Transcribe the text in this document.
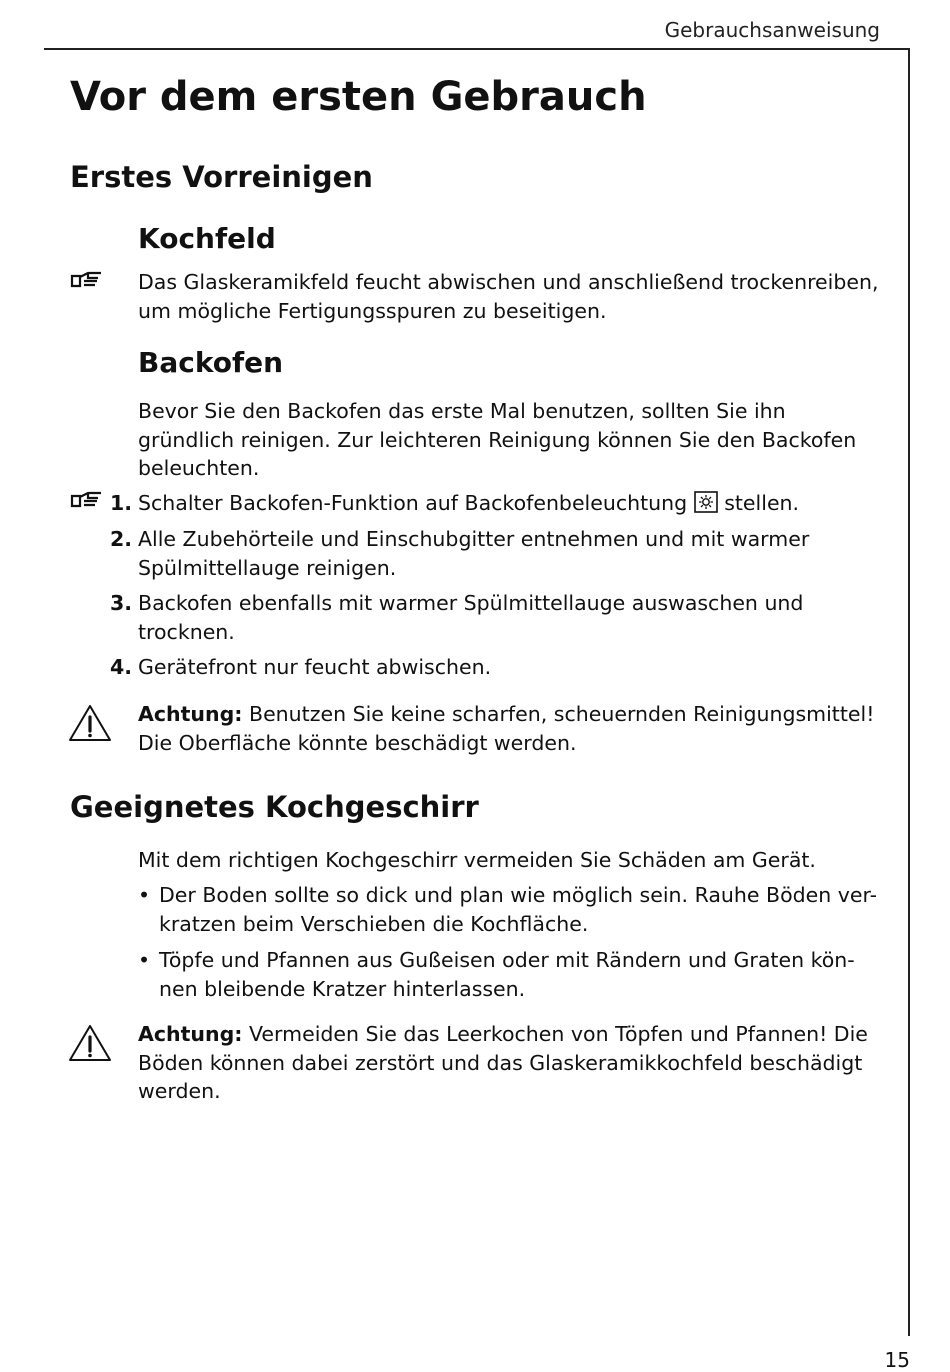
Gebrauchsanweisung
15
Vor dem ersten Gebrauch
Erstes Vorreinigen
Kochfeld
Das Glaskeramikfeld feucht abwischen und anschließend trockenreiben,
um mögliche Fertigungsspuren zu beseitigen.
Backofen
Bevor Sie den Backofen das erste Mal benutzen, sollten Sie ihn
gründlich reinigen. Zur leichteren Reinigung können Sie den Backofen
beleuchten.
1. Schalter Backofen-Funktion auf Backofenbeleuchtung stellen.
2. Alle Zubehörteile und Einschubgitter entnehmen und mit warmer
Spülmittellauge reinigen.
3. Backofen ebenfalls mit warmer Spülmittellauge auswaschen und
trocknen.
4. Gerätefront nur feucht abwischen.
Achtung: Benutzen Sie keine scharfen, scheuernden Reinigungsmittel!
Die Oberfläche könnte beschädigt werden.
Geeignetes Kochgeschirr
Mit dem richtigen Kochgeschirr vermeiden Sie Schäden am Gerät.
• Der Boden sollte so dick und plan wie möglich sein. Rauhe Böden ver-
kratzen beim Verschieben die Kochfläche.
• Töpfe und Pfannen aus Gußeisen oder mit Rändern und Graten kön-
nen bleibende Kratzer hinterlassen.
Achtung: Vermeiden Sie das Leerkochen von Töpfen und Pfannen! Die
Böden können dabei zerstört und das Glaskeramikkochfeld beschädigt
werden.
